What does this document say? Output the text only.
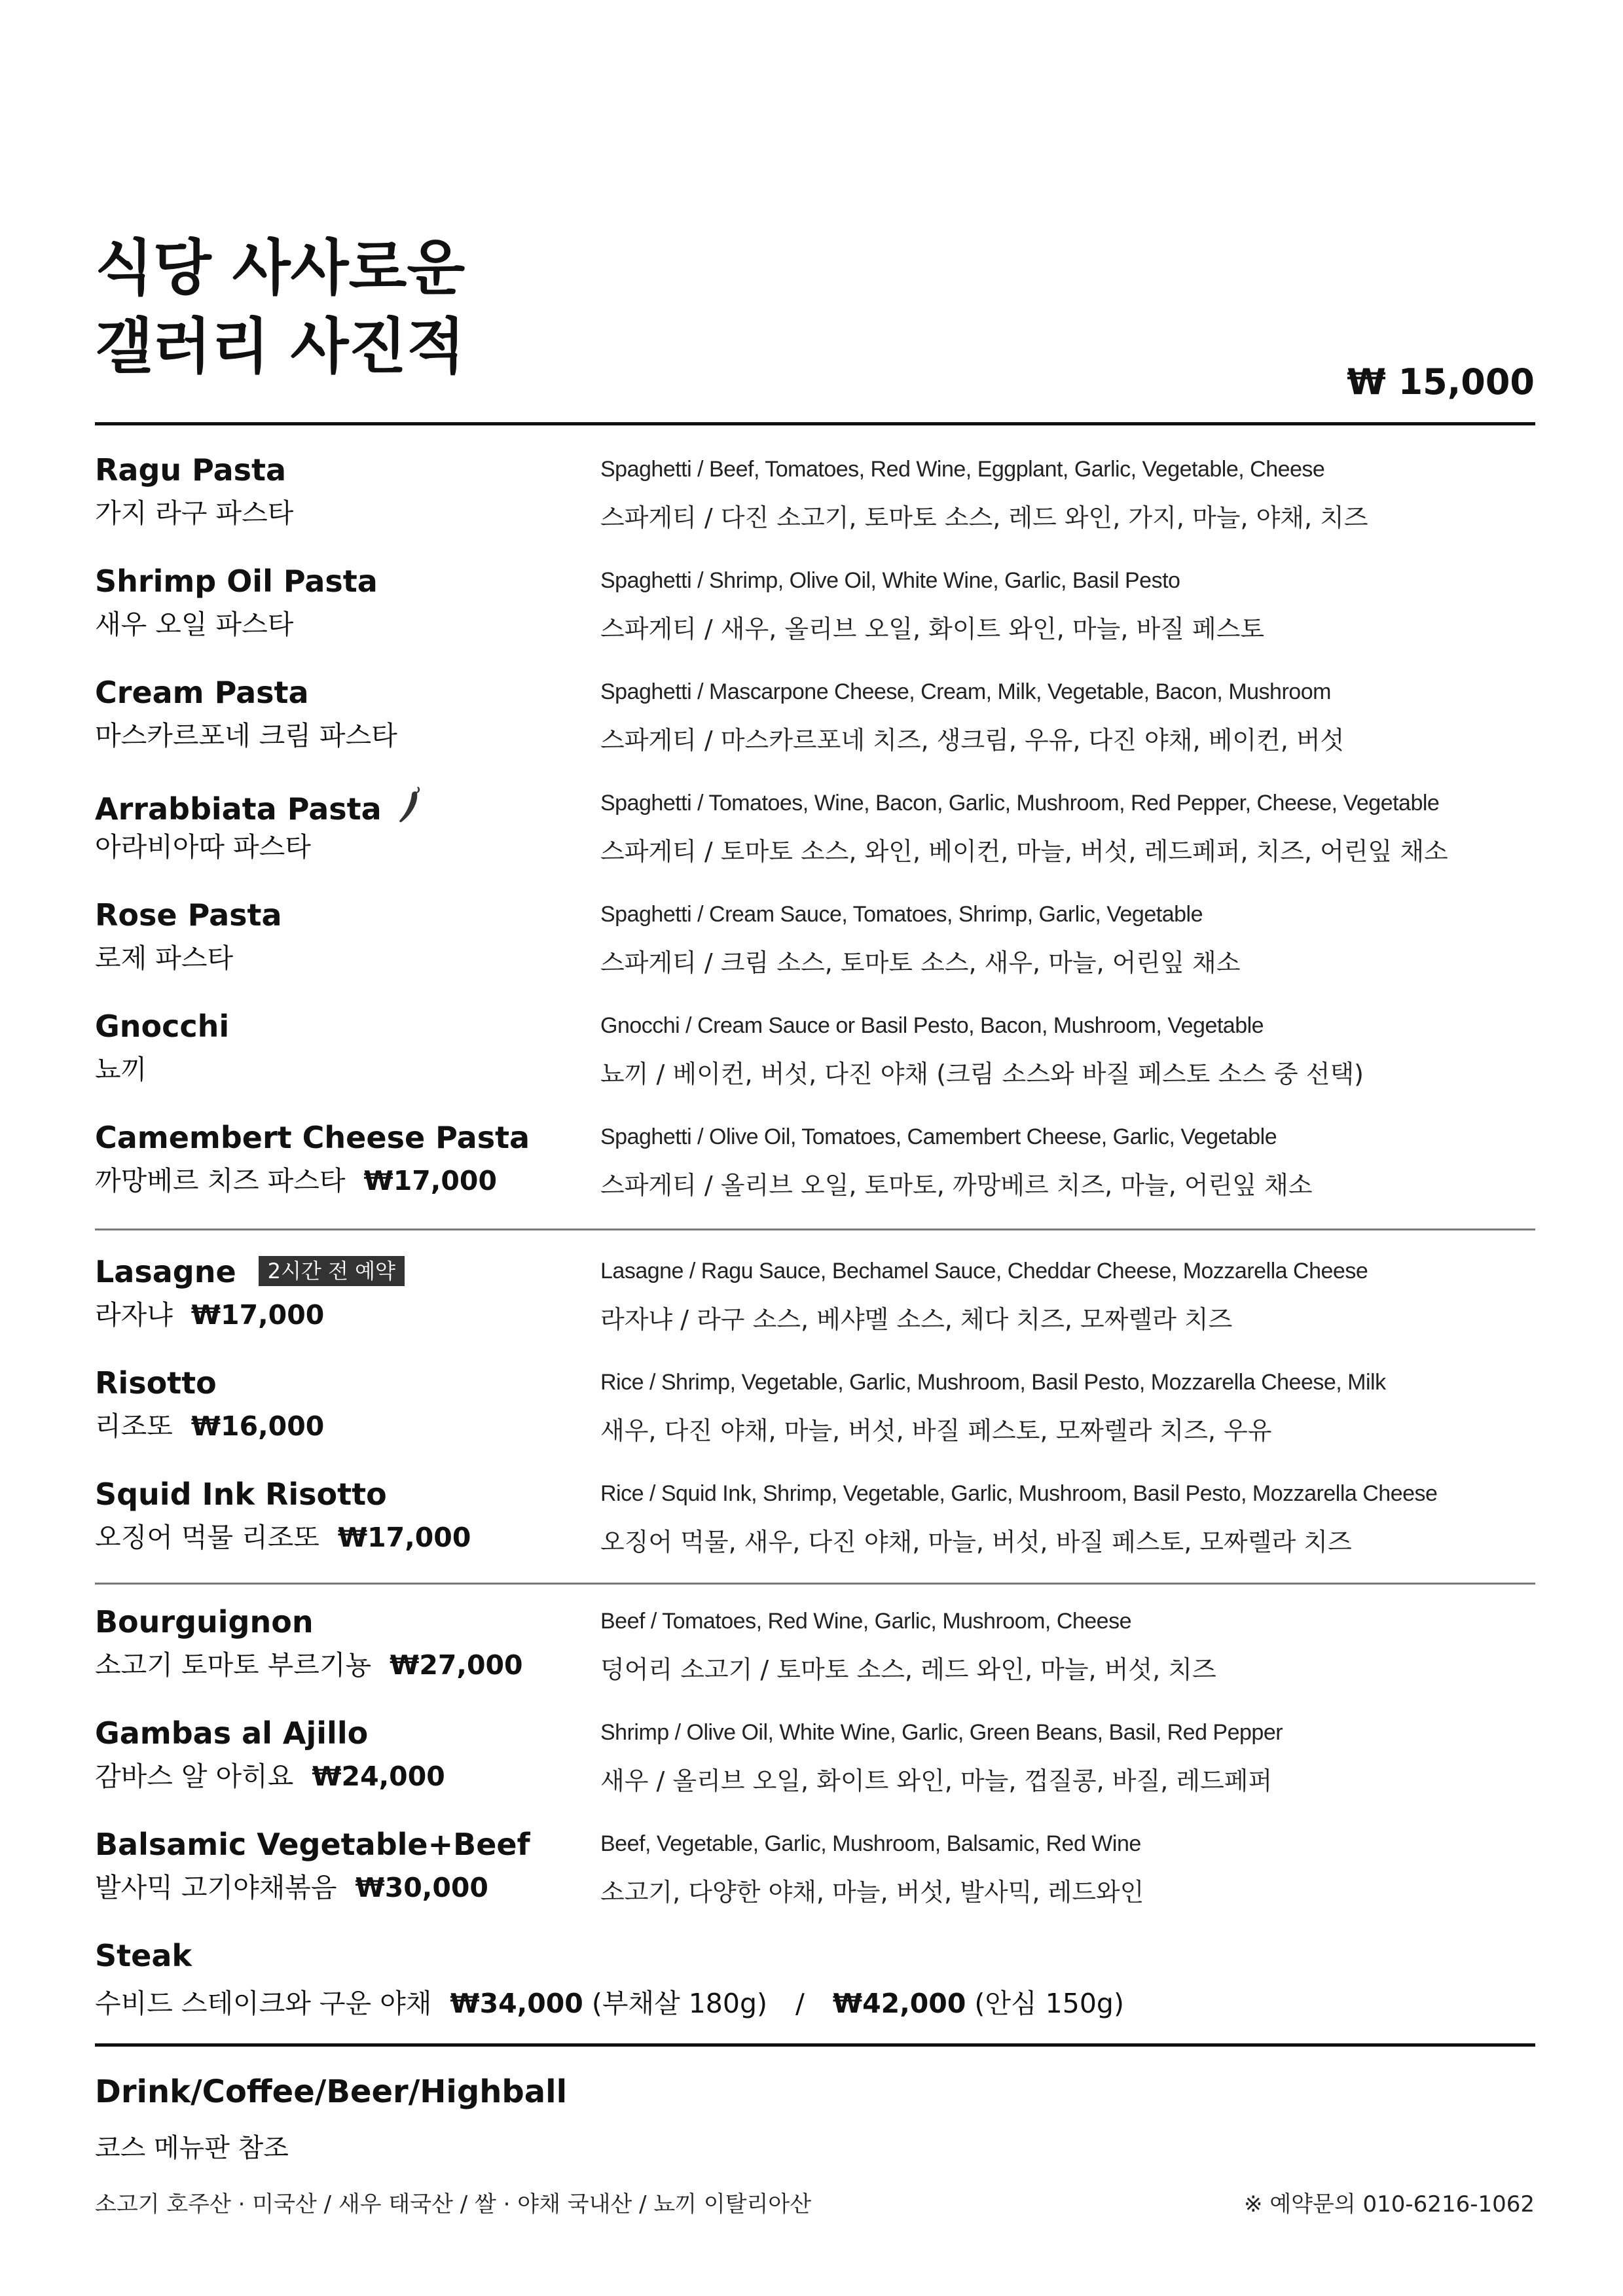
식당 사사로운
갤러리 사진적
₩ 15,000
Ragu Pasta
가지 라구 파스타
Spaghetti / Beef, Tomatoes, Red Wine, Eggplant, Garlic, Vegetable, Cheese
스파게티 / 다진 소고기, 토마토 소스, 레드 와인, 가지, 마늘, 야채, 치즈
Shrimp Oil Pasta
새우 오일 파스타
Spaghetti / Shrimp, Olive Oil, White Wine, Garlic, Basil Pesto
스파게티 / 새우, 올리브 오일, 화이트 와인, 마늘, 바질 페스토
Cream Pasta
마스카르포네 크림 파스타
Spaghetti / Mascarpone Cheese, Cream, Milk, Vegetable, Bacon, Mushroom
스파게티 / 마스카르포네 치즈, 생크림, 우유, 다진 야채, 베이컨, 버섯
Arrabbiata Pasta
아라비아따 파스타
Spaghetti / Tomatoes, Wine, Bacon, Garlic, Mushroom, Red Pepper, Cheese, Vegetable
스파게티 / 토마토 소스, 와인, 베이컨, 마늘, 버섯, 레드페퍼, 치즈, 어린잎 채소
Rose Pasta
로제 파스타
Spaghetti / Cream Sauce, Tomatoes, Shrimp, Garlic, Vegetable
스파게티 / 크림 소스, 토마토 소스, 새우, 마늘, 어린잎 채소
Gnocchi
뇨끼
Gnocchi / Cream Sauce or Basil Pesto, Bacon, Mushroom, Vegetable
뇨끼 / 베이컨, 버섯, 다진 야채 (크림 소스와 바질 페스토 소스 중 선택)
Camembert Cheese Pasta
까망베르 치즈 파스타 ₩17,000
Spaghetti / Olive Oil, Tomatoes, Camembert Cheese, Garlic, Vegetable
스파게티 / 올리브 오일, 토마토, 까망베르 치즈, 마늘, 어린잎 채소
Lasagne 2시간 전 예약
라자냐 ₩17,000
Lasagne / Ragu Sauce, Bechamel Sauce, Cheddar Cheese, Mozzarella Cheese
라자냐 / 라구 소스, 베샤멜 소스, 체다 치즈, 모짜렐라 치즈
Risotto
리조또 ₩16,000
Rice / Shrimp, Vegetable, Garlic, Mushroom, Basil Pesto, Mozzarella Cheese, Milk
새우, 다진 야채, 마늘, 버섯, 바질 페스토, 모짜렐라 치즈, 우유
Squid Ink Risotto
오징어 먹물 리조또 ₩17,000
Rice / Squid Ink, Shrimp, Vegetable, Garlic, Mushroom, Basil Pesto, Mozzarella Cheese
오징어 먹물, 새우, 다진 야채, 마늘, 버섯, 바질 페스토, 모짜렐라 치즈
Bourguignon
소고기 토마토 부르기뇽 ₩27,000
Beef / Tomatoes, Red Wine, Garlic, Mushroom, Cheese
덩어리 소고기 / 토마토 소스, 레드 와인, 마늘, 버섯, 치즈
Gambas al Ajillo
감바스 알 아히요 ₩24,000
Shrimp / Olive Oil, White Wine, Garlic, Green Beans, Basil, Red Pepper
새우 / 올리브 오일, 화이트 와인, 마늘, 껍질콩, 바질, 레드페퍼
Balsamic Vegetable+Beef
발사믹 고기야채볶음 ₩30,000
Beef, Vegetable, Garlic, Mushroom, Balsamic, Red Wine
소고기, 다양한 야채, 마늘, 버섯, 발사믹, 레드와인
Steak
수비드 스테이크와 구운 야채 ₩34,000 (부채살 180g) / ₩42,000 (안심 150g)
Drink/Coffee/Beer/Highball
코스 메뉴판 참조
소고기 호주산 · 미국산 / 새우 태국산 / 쌀 · 야채 국내산 / 뇨끼 이탈리아산	※ 예약문의 010-6216-1062
